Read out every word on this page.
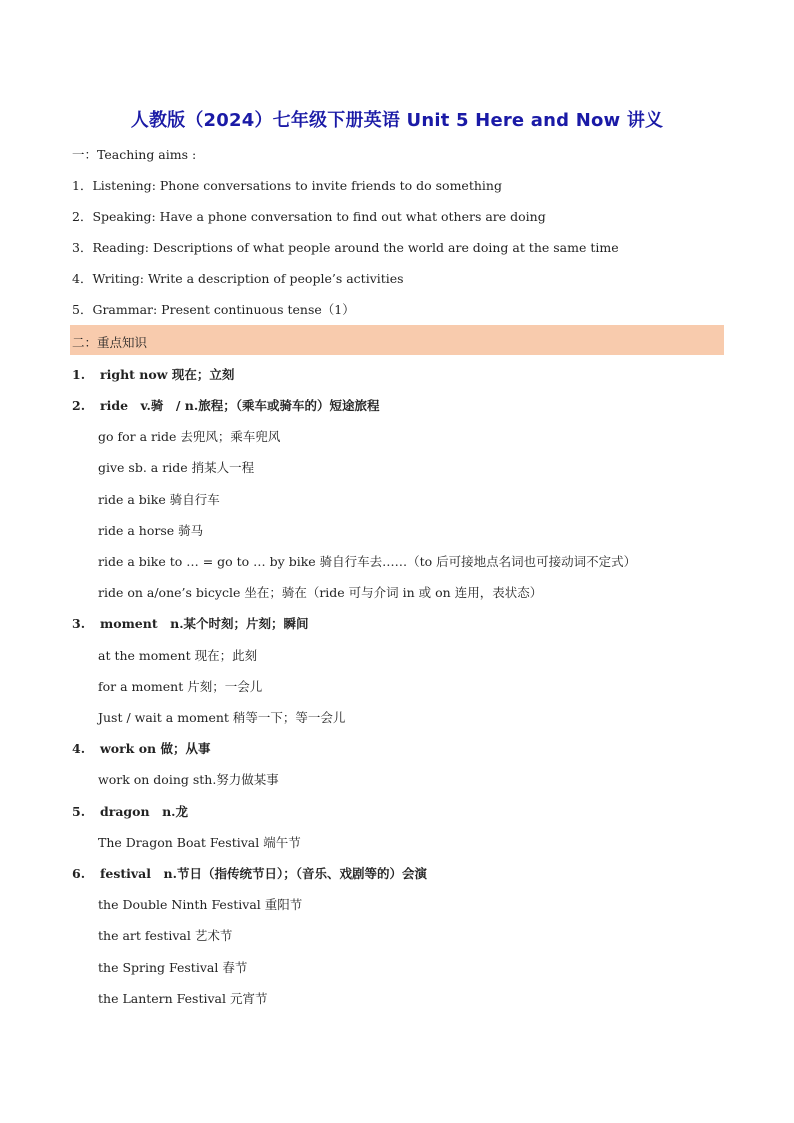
人教版（2024）七年级下册英语 Unit 5 Here and Now 讲义
一：Teaching aims :
1．Listening: Phone conversations to invite friends to do something
2．Speaking: Have a phone conversation to find out what others are doing
3．Reading: Descriptions of what people around the world are doing at the same time
4．Writing: Write a description of people’s activities
5．Grammar: Present continuous tense（1）
二：重点知识
1. right now 现在；立刻
2. ride　v.骑　/ n.旅程；（乘车或骑车的）短途旅程
go for a ride 去兜风；乘车兜风
give sb. a ride 捎某人一程
ride a bike 骑自行车
ride a horse 骑马
ride a bike to … = go to … by bike 骑自行车去……（to 后可接地点名词也可接动词不定式）
ride on a/one’s bicycle 坐在；骑在（ride 可与介词 in 或 on 连用，表状态）
3. moment　n.某个时刻；片刻；瞬间
at the moment 现在；此刻
for a moment 片刻；一会儿
Just / wait a moment 稍等一下；等一会儿
4. work on 做；从事
work on doing sth.努力做某事
5. dragon　n.龙
The Dragon Boat Festival 端午节
6. festival　n.节日（指传统节日）；（音乐、戏剧等的）会演
the Double Ninth Festival 重阳节
the art festival 艺术节
the Spring Festival 春节
the Lantern Festival 元宵节
